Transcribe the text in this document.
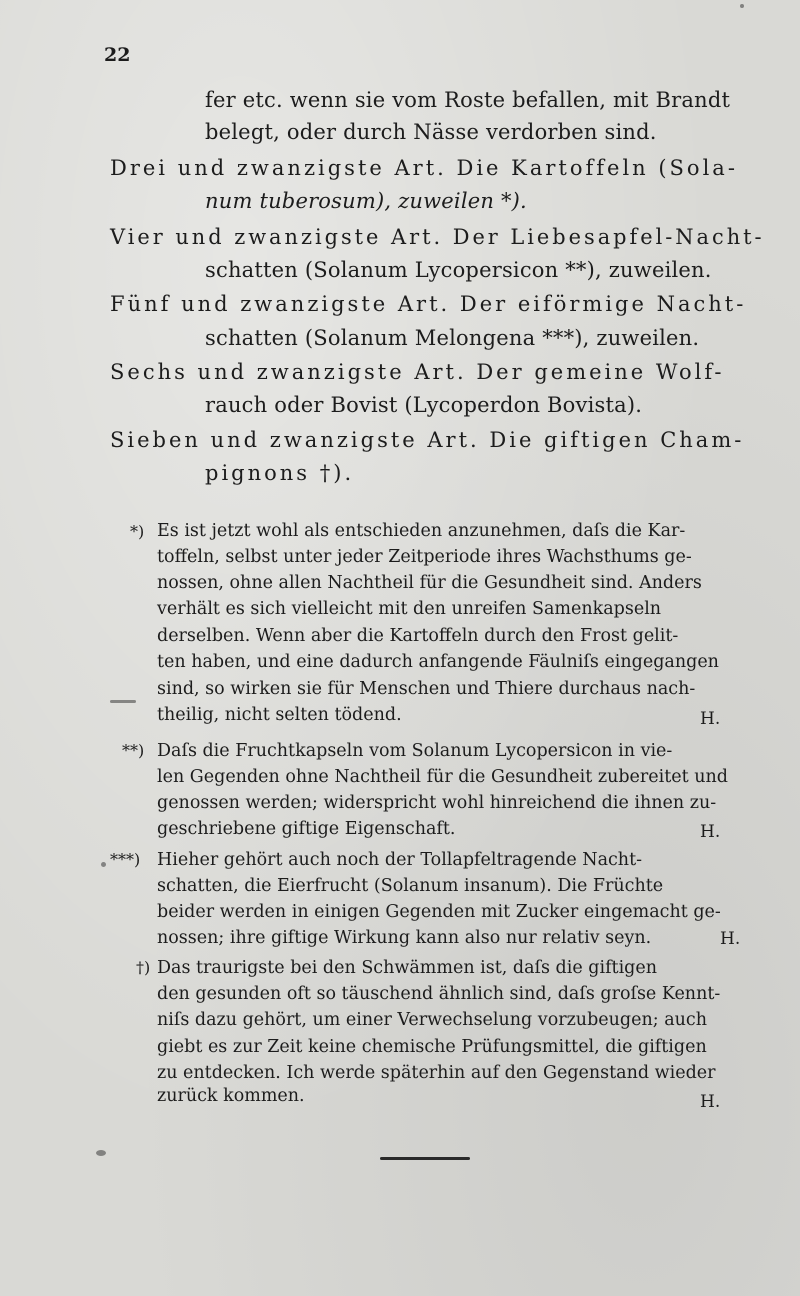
22
fer etc. wenn sie vom Roste befallen, mit Brandt
belegt, oder durch Nässe verdorben sind.
Drei und zwanzigste Art. Die Kartoffeln (Sola-
num tuberosum), zuweilen *).
Vier und zwanzigste Art. Der Liebesapfel-Nacht-
schatten (Solanum Lycopersicon **), zuweilen.
Fünf und zwanzigste Art. Der eiförmige Nacht-
schatten (Solanum Melongena ***), zuweilen.
Sechs und zwanzigste Art. Der gemeine Wolf-
rauch oder Bovist (Lycoperdon Bovista).
Sieben und zwanzigste Art. Die giftigen Cham-
pignons †).
*) Es ist jetzt wohl als entschieden anzunehmen, daſs die Kar-
toffeln, selbst unter jeder Zeitperiode ihres Wachsthums ge-
nossen, ohne allen Nachtheil für die Gesundheit sind. Anders
verhält es sich vielleicht mit den unreifen Samenkapseln
derselben. Wenn aber die Kartoffeln durch den Frost gelit-
ten haben, und eine dadurch anfangende Fäulniſs eingegangen
sind, so wirken sie für Menschen und Thiere durchaus nach-
theilig, nicht selten tödend.	H.
**) Daſs die Fruchtkapseln vom Solanum Lycopersicon in vie-
len Gegenden ohne Nachtheil für die Gesundheit zubereitet und
genossen werden; widerspricht wohl hinreichend die ihnen zu-
geschriebene giftige Eigenschaft.	H.
***) Hieher gehört auch noch der Tollapfeltragende Nacht-
schatten, die Eierfrucht (Solanum insanum). Die Früchte
beider werden in einigen Gegenden mit Zucker eingemacht ge-
nossen; ihre giftige Wirkung kann also nur relativ seyn.	H.
†) Das traurigste bei den Schwämmen ist, daſs die giftigen
den gesunden oft so täuschend ähnlich sind, daſs groſse Kennt-
niſs dazu gehört, um einer Verwechselung vorzubeugen; auch
giebt es zur Zeit keine chemische Prüfungsmittel, die giftigen
zu entdecken. Ich werde späterhin auf den Gegenstand wieder
zurück kommen.	H.
